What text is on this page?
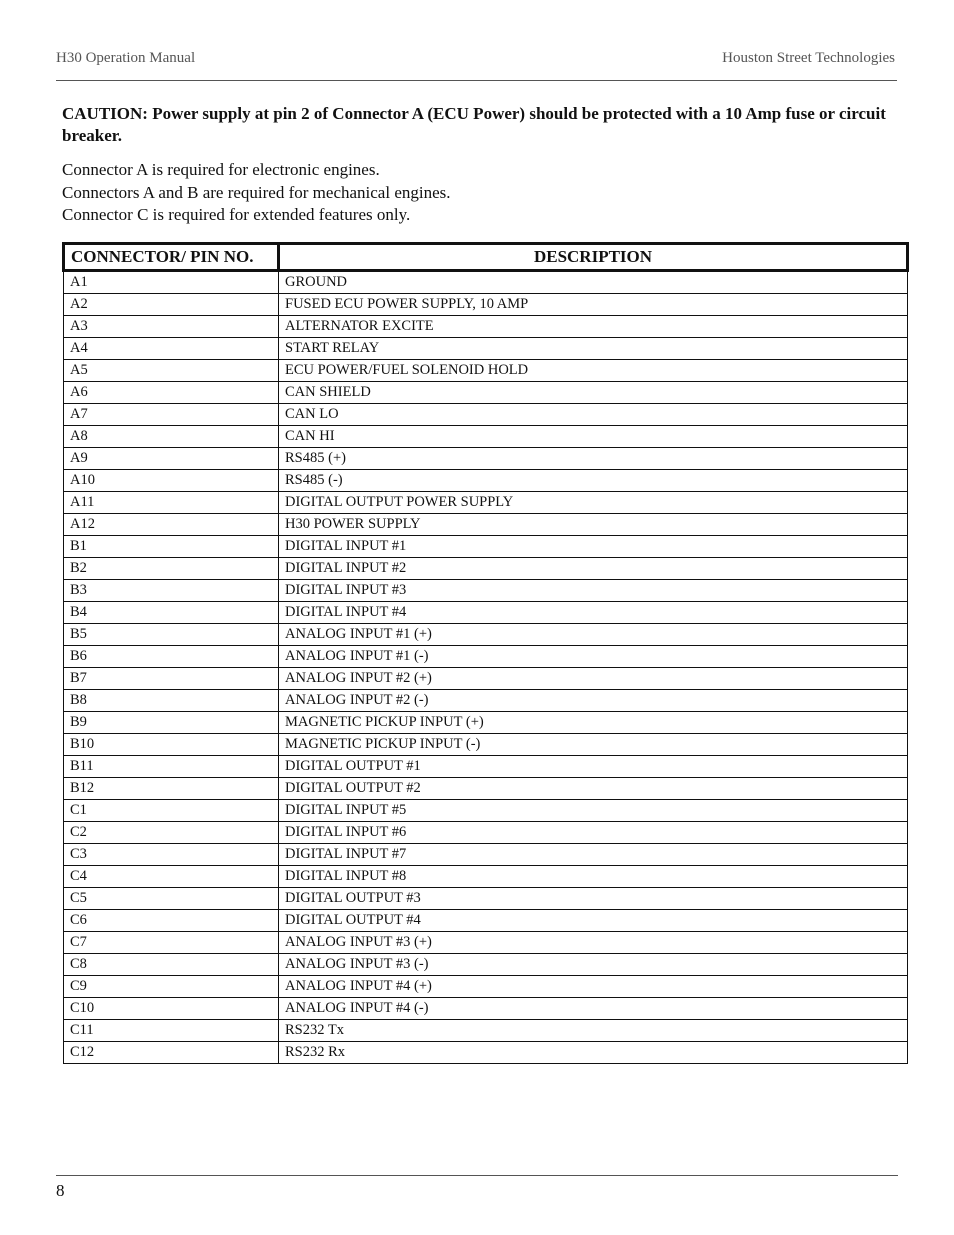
H30 Operation Manual	Houston Street Technologies
CAUTION: Power supply at pin 2 of Connector A (ECU Power) should be protected with a 10 Amp fuse or circuit breaker.
Connector A is required for electronic engines.
Connectors A and B are required for mechanical engines.
Connector C is required for extended features only.
CONNECTOR/ PIN NO.	DESCRIPTION
A1	GROUND
A2	FUSED ECU POWER SUPPLY, 10 AMP
A3	ALTERNATOR EXCITE
A4	START RELAY
A5	ECU POWER/FUEL SOLENOID HOLD
A6	CAN SHIELD
A7	CAN LO
A8	CAN HI
A9	RS485 (+)
A10	RS485 (-)
A11	DIGITAL OUTPUT POWER SUPPLY
A12	H30 POWER SUPPLY
B1	DIGITAL INPUT #1
B2	DIGITAL INPUT #2
B3	DIGITAL INPUT #3
B4	DIGITAL INPUT #4
B5	ANALOG INPUT #1 (+)
B6	ANALOG INPUT #1 (-)
B7	ANALOG INPUT #2 (+)
B8	ANALOG INPUT #2 (-)
B9	MAGNETIC PICKUP INPUT (+)
B10	MAGNETIC PICKUP INPUT (-)
B11	DIGITAL OUTPUT #1
B12	DIGITAL OUTPUT #2
C1	DIGITAL INPUT #5
C2	DIGITAL INPUT #6
C3	DIGITAL INPUT #7
C4	DIGITAL INPUT #8
C5	DIGITAL OUTPUT #3
C6	DIGITAL OUTPUT #4
C7	ANALOG INPUT #3 (+)
C8	ANALOG INPUT #3 (-)
C9	ANALOG INPUT #4 (+)
C10	ANALOG INPUT #4 (-)
C11	RS232 Tx
C12	RS232 Rx
8
